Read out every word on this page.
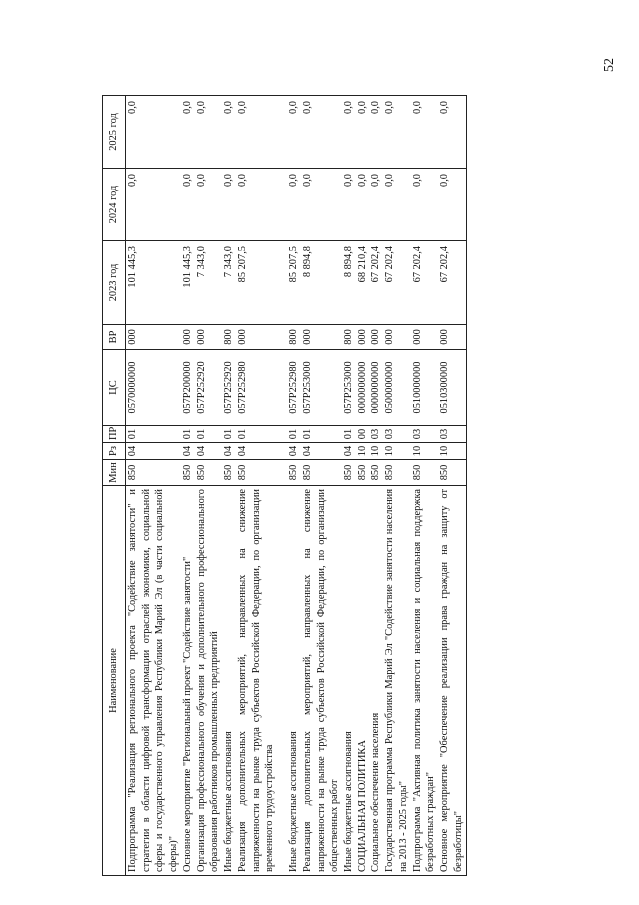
52
Наименование	Мин	Рз	ПР	ЦС	ВР	2023 год	2024 год	2025 год
Подпрограмма "Реализация регионального проекта "Содействие занятости" и стратегии в области цифровой трансформации отраслей экономики, социальной сферы и государственного управления Республики Марий Эл (в части социальной сферы)"	850	04	01	0570000000	000	101 445,3	0,0	0,0
Основное мероприятие "Региональный проект "Содействие занятости"	850	04	01	057P200000	000	101 445,3	0,0	0,0
Организация профессионального обучения и дополнительного профессионального образования работников промышленных предприятий	850	04	01	057P252920	000	7 343,0	0,0	0,0
Иные бюджетные ассигнования	850	04	01	057P252920	800	7 343,0	0,0	0,0
Реализация дополнительных мероприятий, направленных на снижение напряженности на рынке труда субъектов Российской Федерации, по организации временного трудоустройства	850	04	01	057P252980	000	85 207,5	0,0	0,0

Иные бюджетные ассигнования	850	04	01	057P252980	800	85 207,5	0,0	0,0
Реализация дополнительных мероприятий, направленных на снижение напряженности на рынке труда субъектов Российской Федерации, по организации общественных работ	850	04	01	057P253000	000	8 894,8	0,0	0,0
Иные бюджетные ассигнования	850	04	01	057P253000	800	8 894,8	0,0	0,0
СОЦИАЛЬНАЯ ПОЛИТИКА	850	10	00	0000000000	000	68 210,4	0,0	0,0
Социальное обеспечение населения	850	10	03	0000000000	000	67 202,4	0,0	0,0
Государственная программа Республики Марий Эл "Содействие занятости населения на 2013 - 2025 годы"	850	10	03	0500000000	000	67 202,4	0,0	0,0
Подпрограмма "Активная политика занятости населения и социальная поддержка безработных граждан"	850	10	03	0510000000	000	67 202,4	0,0	0,0
Основное мероприятие "Обеспечение реализации права граждан на защиту от безработицы"	850	10	03	0510300000	000	67 202,4	0,0	0,0
